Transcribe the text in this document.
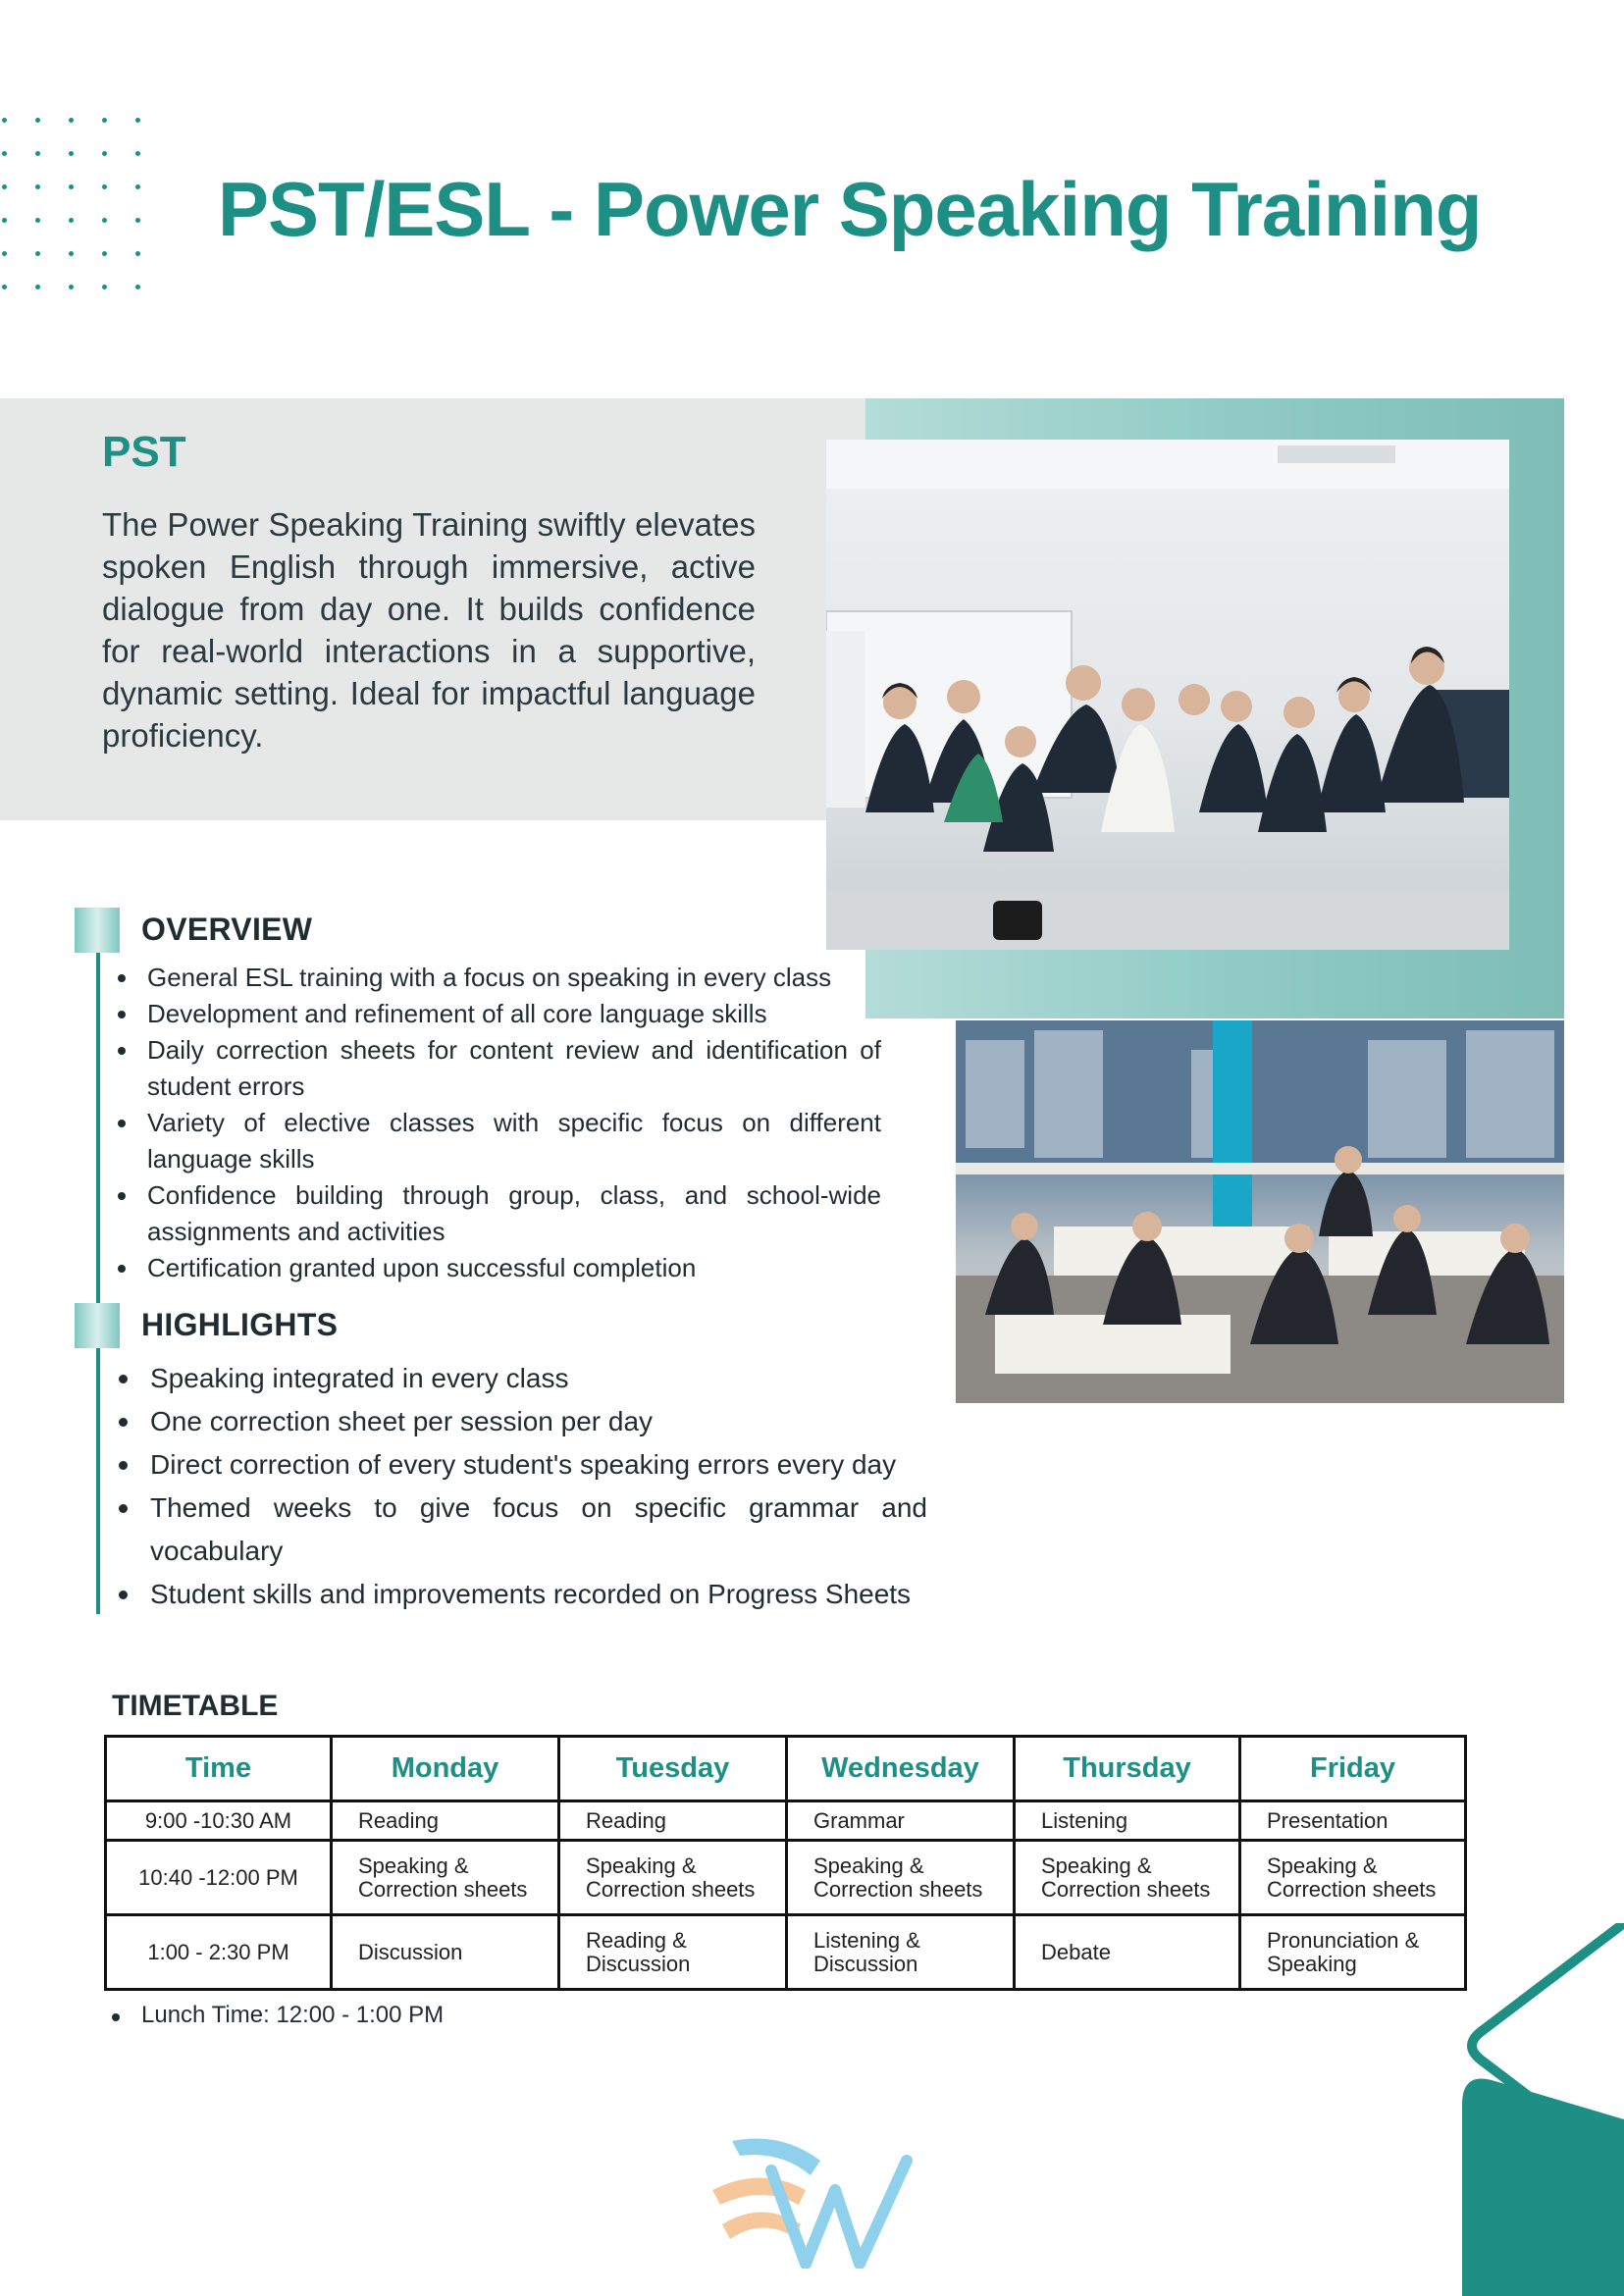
PST/ESL - Power Speaking Training
PST

The Power Speaking Training swiftly elevates spoken English through immersive, active dialogue from day one. It builds confidence for real-world interactions in a supportive, dynamic setting. Ideal for impactful language proficiency.

OVERVIEW
General ESL training with a focus on speaking in every class
Development and refinement of all core language skills
Daily correction sheets for content review and identification of student errors
Variety of elective classes with specific focus on different language skills
Confidence building through group, class, and school-wide assignments and activities
Certification granted upon successful completion
HIGHLIGHTS
Speaking integrated in every class
One correction sheet per session per day
Direct correction of every student's speaking errors every day
Themed weeks to give focus on specific grammar and vocabulary
Student skills and improvements recorded on Progress Sheets
TIMETABLE
Time	Monday	Tuesday	Wednesday	Thursday	Friday
9:00 -10:30 AM	Reading	Reading	Grammar	Listening	Presentation
10:40 -12:00 PM	Speaking & Correction sheets	Speaking & Correction sheets	Speaking & Correction sheets	Speaking & Correction sheets	Speaking & Correction sheets
1:00 - 2:30 PM	Discussion	Reading & Discussion	Listening & Discussion	Debate	Pronunciation & Speaking
Lunch Time: 12:00 - 1:00 PM
